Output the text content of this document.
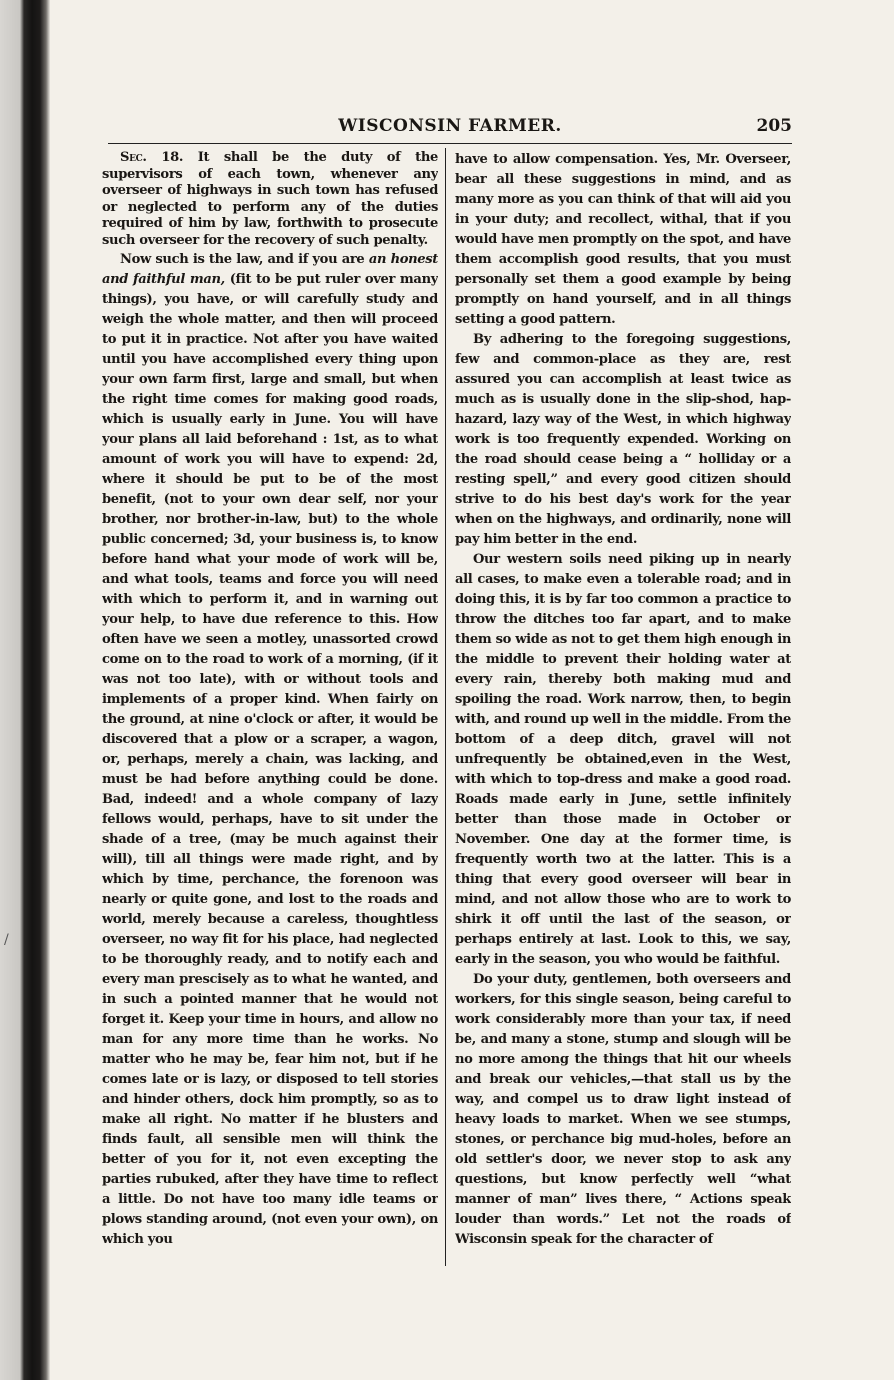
/
WISCONSIN FARMER.	205

Sec. 18. It shall be the duty of the supervisors of each town, whenever any overseer of highways in such town has refused or neglected to perform any of the duties required of him by law, forthwith to prosecute such overseer for the recovery of such penalty.

Now such is the law, and if you are an honest and faithful man, (fit to be put ruler over many things), you have, or will carefully study and weigh the whole matter, and then will proceed to put it in practice. Not after you have waited until you have accomplished every thing upon your own farm first, large and small, but when the right time comes for making good roads, which is usually early in June. You will have your plans all laid beforehand : 1st, as to what amount of work you will have to expend: 2d, where it should be put to be of the most benefit, (not to your own dear self, nor your brother, nor brother-in-law, but) to the whole public concerned; 3d, your business is, to know before hand what your mode of work will be, and what tools, teams and force you will need with which to perform it, and in warning out your help, to have due reference to this. How often have we seen a motley, unassorted crowd come on to the road to work of a morning, (if it was not too late), with or without tools and implements of a proper kind. When fairly on the ground, at nine o'clock or after, it would be discovered that a plow or a scraper, a wagon, or, perhaps, merely a chain, was lacking, and must be had before anything could be done. Bad, indeed! and a whole company of lazy fellows would, perhaps, have to sit under the shade of a tree, (may be much against their will), till all things were made right, and by which by time, perchance, the forenoon was nearly or quite gone, and lost to the roads and world, merely because a careless, thoughtless overseer, no way fit for his place, had neglected to be thoroughly ready, and to notify each and every man prescisely as to what he wanted, and in such a pointed manner that he would not forget it. Keep your time in hours, and allow no man for any more time than he works. No matter who he may be, fear him not, but if he comes late or is lazy, or disposed to tell stories and hinder others, dock him promptly, so as to make all right. No matter if he blusters and finds fault, all sensible men will think the better of you for it, not even excepting the parties rubuked, after they have time to reflect a little. Do not have too many idle teams or plows standing around, (not even your own), on which you

have to allow compensation. Yes, Mr. Overseer, bear all these suggestions in mind, and as many more as you can think of that will aid you in your duty; and recollect, withal, that if you would have men promptly on the spot, and have them accomplish good results, that you must personally set them a good example by being promptly on hand yourself, and in all things setting a good pattern.

By adhering to the foregoing suggestions, few and common-place as they are, rest assured you can accomplish at least twice as much as is usually done in the slip-shod, hap-hazard, lazy way of the West, in which highway work is too frequently expended. Working on the road should cease being a “ holliday or a resting spell,” and every good citizen should strive to do his best day's work for the year when on the highways, and ordinarily, none will pay him better in the end.

Our western soils need piking up in nearly all cases, to make even a tolerable road; and in doing this, it is by far too common a practice to throw the ditches too far apart, and to make them so wide as not to get them high enough in the middle to prevent their holding water at every rain, thereby both making mud and spoiling the road. Work narrow, then, to begin with, and round up well in the middle. From the bottom of a deep ditch, gravel will not unfrequently be obtained,even in the West, with which to top-dress and make a good road. Roads made early in June, settle infinitely better than those made in October or November. One day at the former time, is frequently worth two at the latter. This is a thing that every good overseer will bear in mind, and not allow those who are to work to shirk it off until the last of the season, or perhaps entirely at last. Look to this, we say, early in the season, you who would be faithful.

Do your duty, gentlemen, both overseers and workers, for this single season, being careful to work considerably more than your tax, if need be, and many a stone, stump and slough will be no more among the things that hit our wheels and break our vehicles,—that stall us by the way, and compel us to draw light instead of heavy loads to market. When we see stumps, stones, or perchance big mud-holes, before an old settler's door, we never stop to ask any questions, but know perfectly well “what manner of man” lives there, “ Actions speak louder than words.” Let not the roads of Wisconsin speak for the character of
